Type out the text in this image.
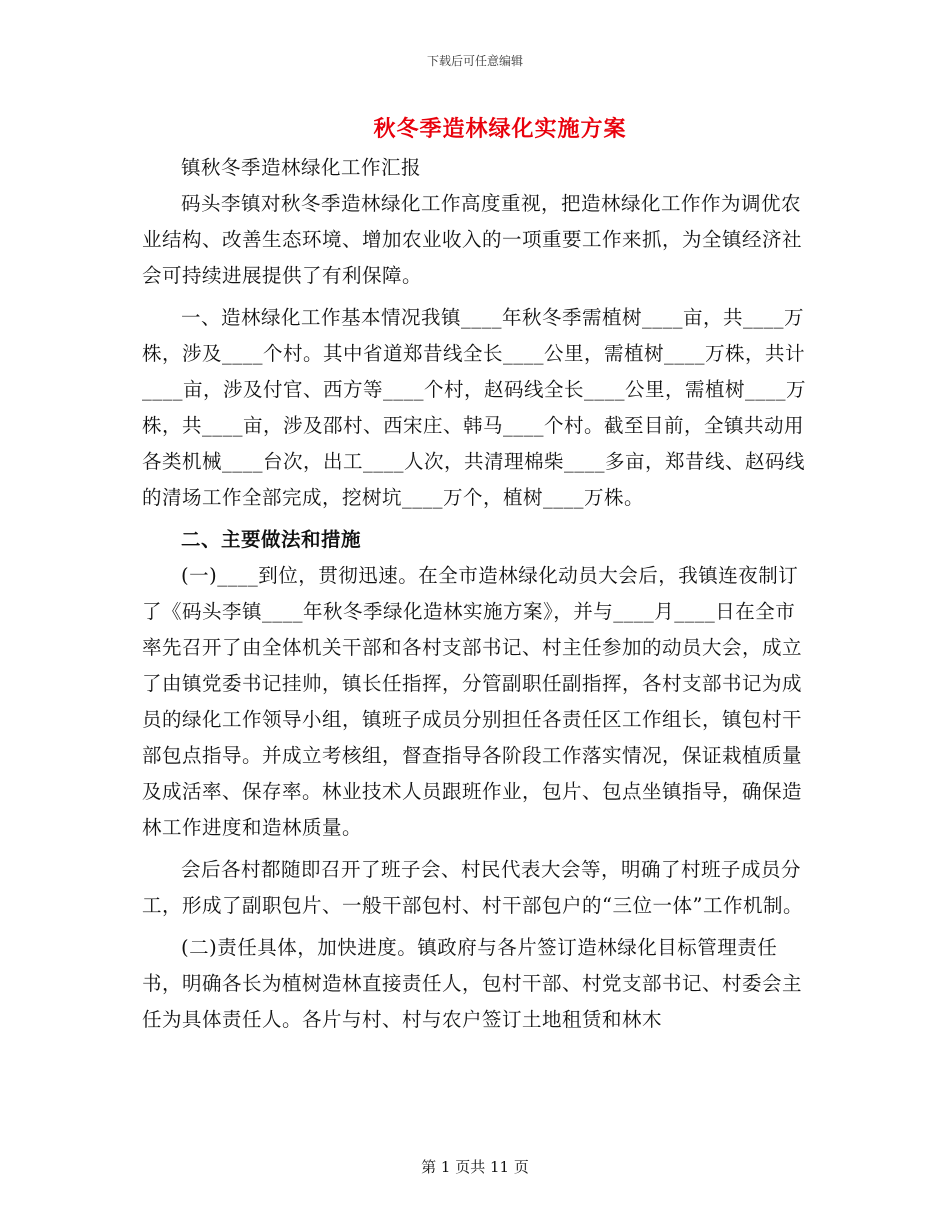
下载后可任意编辑
秋冬季造林绿化实施方案

镇秋冬季造林绿化工作汇报

码头李镇对秋冬季造林绿化工作高度重视，把造林绿化工作作为调优农业结构、改善生态环境、增加农业收入的一项重要工作来抓，为全镇经济社会可持续进展提供了有利保障。

一、造林绿化工作基本情况我镇____年秋冬季需植树____亩，共____万株，涉及____个村。其中省道郑昔线全长____公里，需植树____万株，共计____亩，涉及付官、西方等____个村，赵码线全长____公里，需植树____万株，共____亩，涉及邵村、西宋庄、韩马____个村。截至目前，全镇共动用各类机械____台次，出工____人次，共清理棉柴____多亩，郑昔线、赵码线的清场工作全部完成，挖树坑____万个，植树____万株。

二、主要做法和措施

(一)____到位，贯彻迅速。在全市造林绿化动员大会后，我镇连夜制订了《码头李镇____年秋冬季绿化造林实施方案》，并与____月____日在全市率先召开了由全体机关干部和各村支部书记、村主任参加的动员大会，成立了由镇党委书记挂帅，镇长任指挥，分管副职任副指挥，各村支部书记为成员的绿化工作领导小组，镇班子成员分别担任各责任区工作组长，镇包村干部包点指导。并成立考核组，督查指导各阶段工作落实情况，保证栽植质量及成活率、保存率。林业技术人员跟班作业，包片、包点坐镇指导，确保造林工作进度和造林质量。

会后各村都随即召开了班子会、村民代表大会等，明确了村班子成员分工，形成了副职包片、一般干部包村、村干部包户的“三位一体”工作机制。

(二)责任具体，加快进度。镇政府与各片签订造林绿化目标管理责任书，明确各长为植树造林直接责任人，包村干部、村党支部书记、村委会主任为具体责任人。各片与村、村与农户签订土地租赁和林木

第 1 页共 11 页
